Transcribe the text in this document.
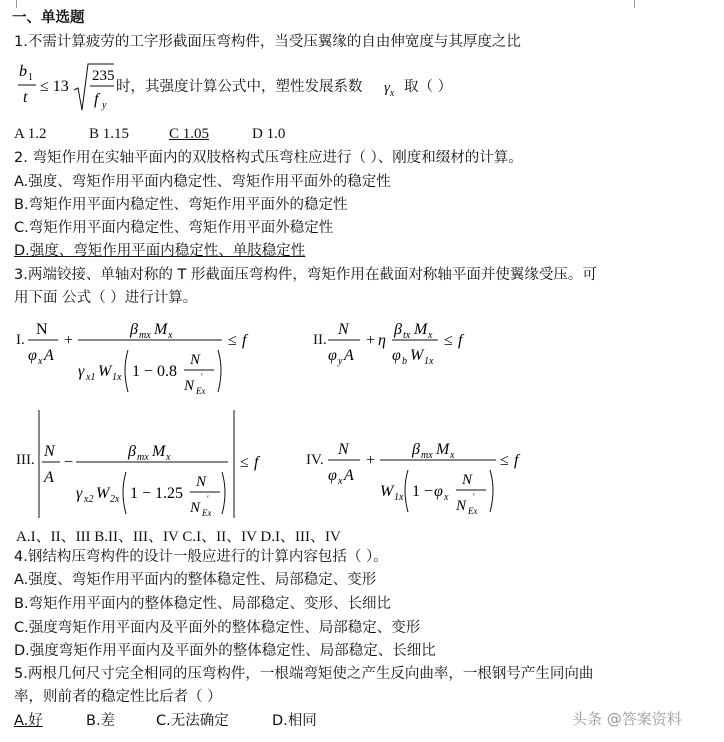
一、单选题
1.不需计算疲劳的工字形截面压弯构件，当受压翼缘的自由伸宽度与其厚度之比
b 1
t
≤ 13
235
f y
时，其强度计算公式中，塑性发展系数 $\gamma_x$ 取（ ）
A 1.2	B 1.15	C 1.05	D 1.0
2. 弯矩作用在实轴平面内的双肢格构式压弯柱应进行（ ）、刚度和缀材的计算。
A.强度、弯矩作用平面内稳定性、弯矩作用平面外的稳定性
B.弯矩作用平面内稳定性、弯矩作用平面外的稳定性
C.弯矩作用平面内稳定性、弯矩作用平面外稳定性
D.强度、弯矩作用平面内稳定性、单肢稳定性
3.两端铰接、单轴对称的 T 形截面压弯构件，弯矩作用在截面对称轴平面并使翼缘受压。可
用下面 公式（ ）进行计算。
I.
N
φ x A
+
β mx M x
γ x1 W 1x 1 − 0.8
N
N Ex
′
≤ f	II.
N
φ y A
+ η
β tx M x
φ b W 1x
≤ f
III. N
A
−
β mx M x
γ x2 W 2x 1 − 1.25
N
N Ex
′
≤ f	IV.
N
φ x A
+
β mx M x
W 1x 1 − φ x
N
N Ex
′
≤ f
A.I、II、III B.II、III、IV C.I、II、IV D.I、III、IV
4.钢结构压弯构件的设计一般应进行的计算内容包括（ ）。
A.强度、弯矩作用平面内的整体稳定性、局部稳定、变形
B.弯矩作用平面内的整体稳定性、局部稳定、变形、长细比
C.强度弯矩作用平面内及平面外的整体稳定性、局部稳定、变形
D.强度弯矩作用平面内及平面外的整体稳定性、局部稳定、长细比
5.两根几何尺寸完全相同的压弯构件，一根端弯矩使之产生反向曲率，一根钢号产生同向曲
率，则前者的稳定性比后者（ ）
A.好	B.差	C.无法确定	D.相同	头条 @答案资料
